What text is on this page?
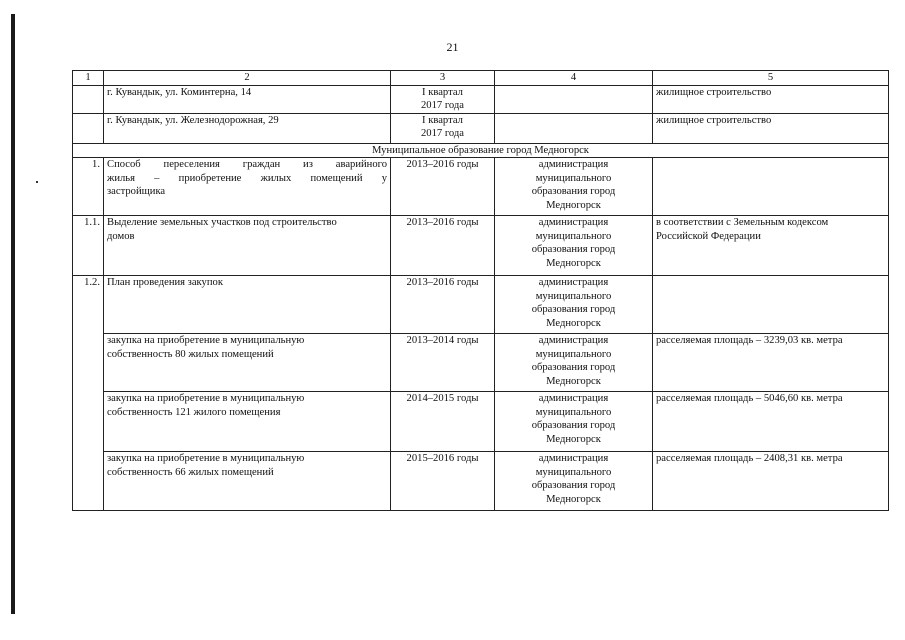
21
1	2	3	4	5
	г. Кувандык, ул. Коминтерна, 14	I квартал
2017 года		жилищное строительство
	г. Кувандык, ул. Железнодорожная, 29	I квартал
2017 года		жилищное строительство
Муниципальное образование город Медногорск				
1.	Способ переселения граждан из аварийного
жилья – приобретение жилых помещений у
застройщика	2013–2016 годы	администрация
муниципального
образования город
Медногорск	

1.1.	Выделение земельных участков под строительство
домов	2013–2016 годы	администрация
муниципального
образования город
Медногорск	в соответствии с Земельным кодексом
Российской Федерации

1.2.	План проведения закупок	2013–2016 годы	администрация
муниципального
образования город
Медногорск	

	закупка на приобретение в муниципальную
собственность 80 жилых помещений	2013–2014 годы	администрация
муниципального
образования город
Медногорск	расселяемая площадь – 3239,03 кв. метра

	закупка на приобретение в муниципальную
собственность 121 жилого помещения	2014–2015 годы	администрация
муниципального
образования город
Медногорск	расселяемая площадь – 5046,60 кв. метра

	закупка на приобретение в муниципальную
собственность 66 жилых помещений	2015–2016 годы	администрация
муниципального
образования город
Медногорск	расселяемая площадь – 2408,31 кв. метра
